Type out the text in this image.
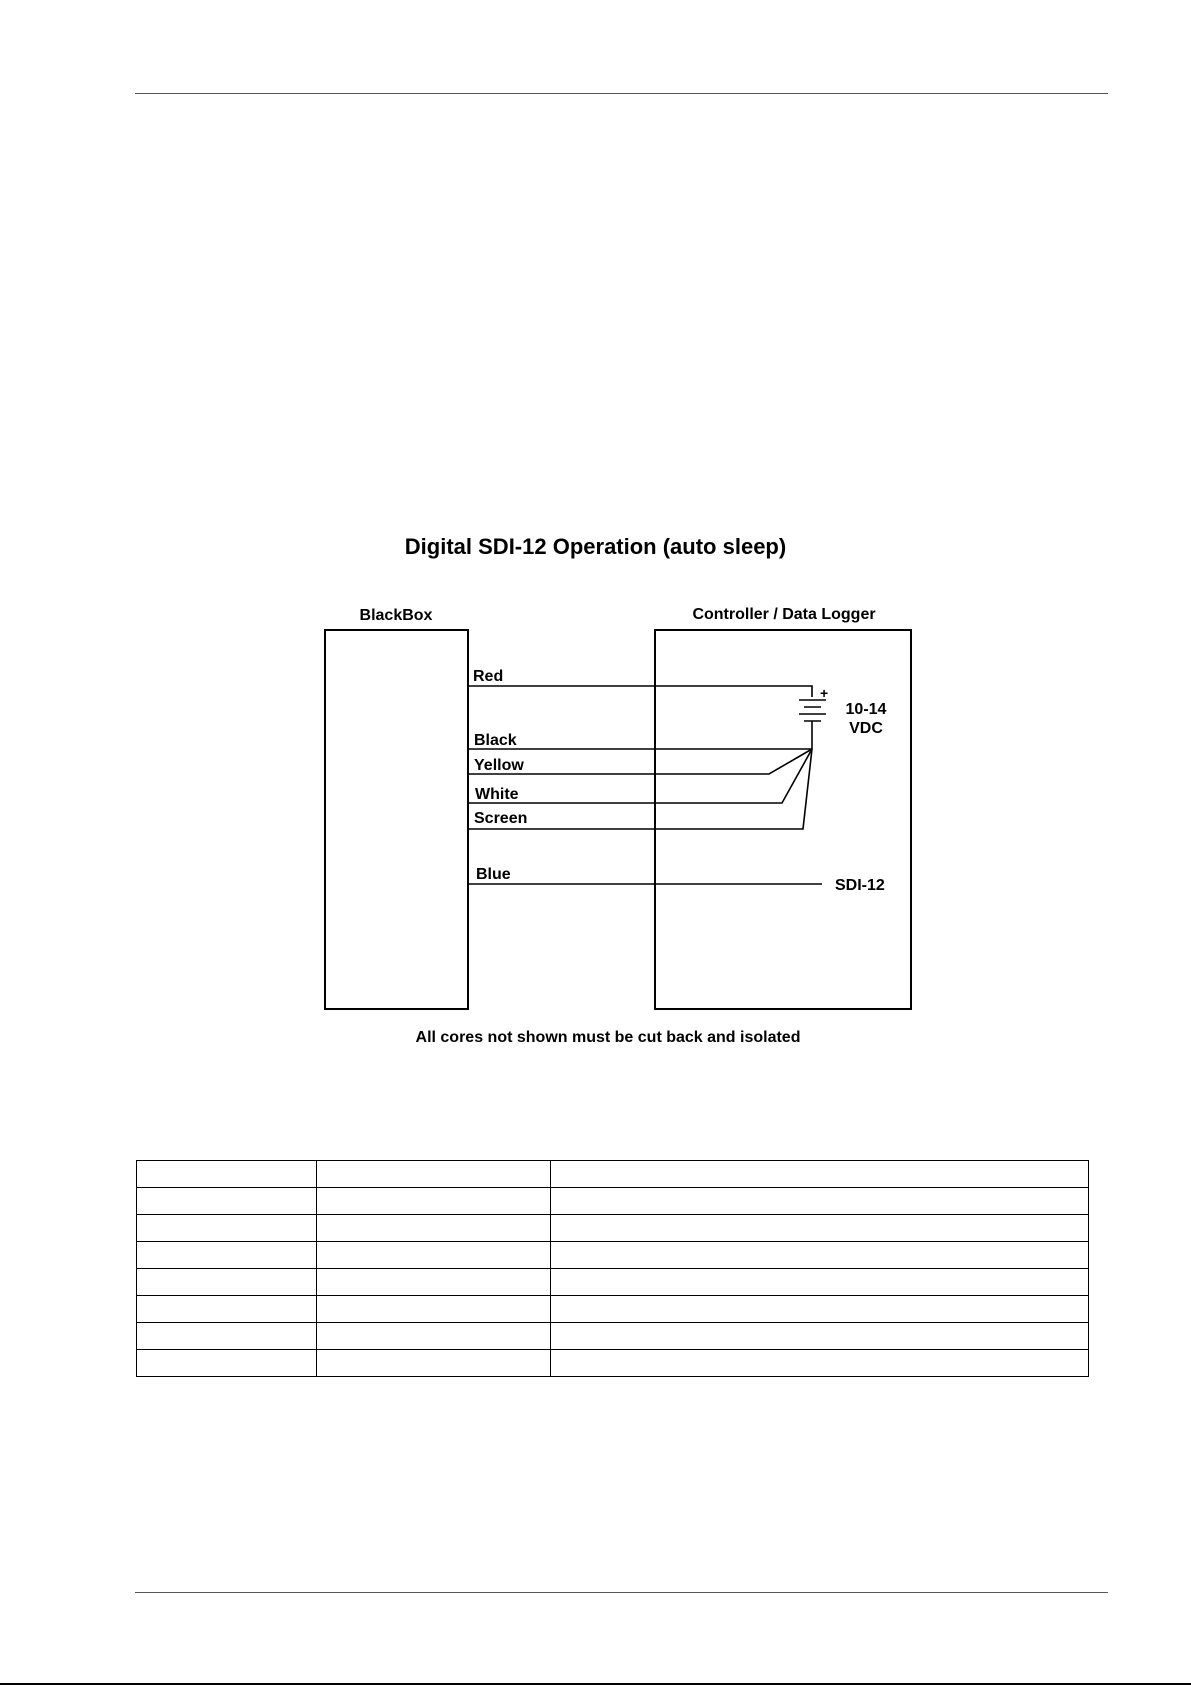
Digital SDI-12 Operation (auto sleep)
BlackBox	Controller / Data Logger
Red
Black
Yellow
White
Screen
Blue
+
10-14
VDC
SDI-12
All cores not shown must be cut back and isolated
